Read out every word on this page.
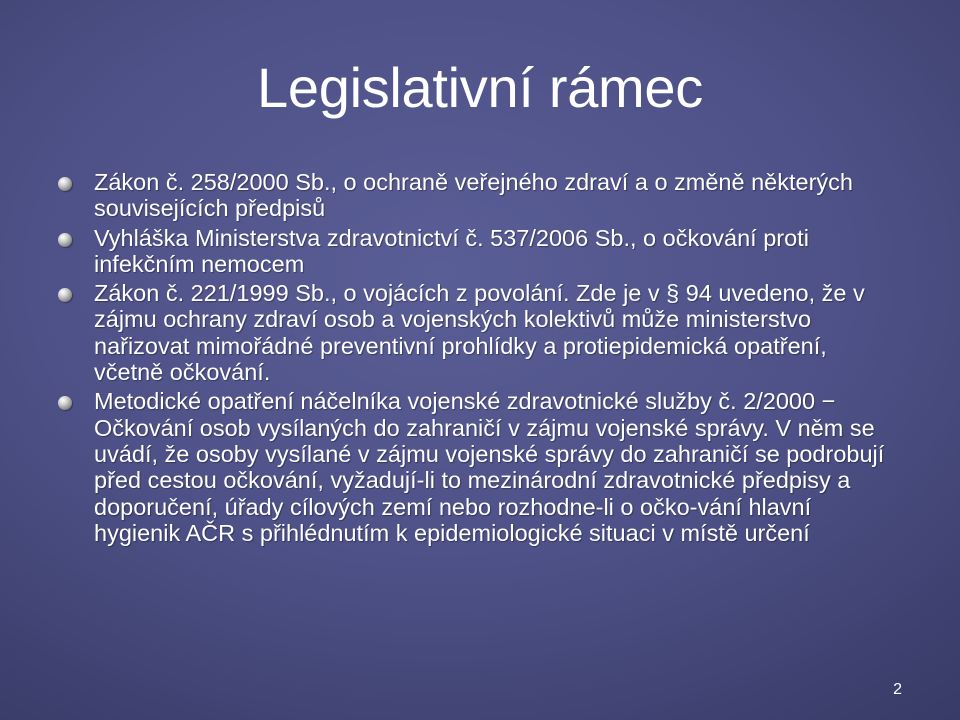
Legislativní rámec
Zákon č. 258/2000 Sb., o ochraně veřejného zdraví a o změně některých souvisejících předpisů
Vyhláška Ministerstva zdravotnictví č. 537/2006 Sb., o očkování proti infekčním nemocem
Zákon č. 221/1999 Sb., o vojácích z povolání. Zde je v § 94 uvedeno, že v zájmu ochrany zdraví osob a vojenských kolektivů může ministerstvo nařizovat mimořádné preventivní prohlídky a protiepidemická opatření, včetně očkování.
Metodické opatření náčelníka vojenské zdravotnické služby č. 2/2000 − Očkování osob vysílaných do zahraničí v zájmu vojenské správy. V něm se uvádí, že osoby vysílané v zájmu vojenské správy do zahraničí se podrobují před cestou očkování, vyžadují-li to mezinárodní zdravotnické předpisy a doporučení, úřady cílových zemí nebo rozhodne-li o očko-vání hlavní hygienik AČR s přihlédnutím k epidemiologické situaci v místě určení
2
